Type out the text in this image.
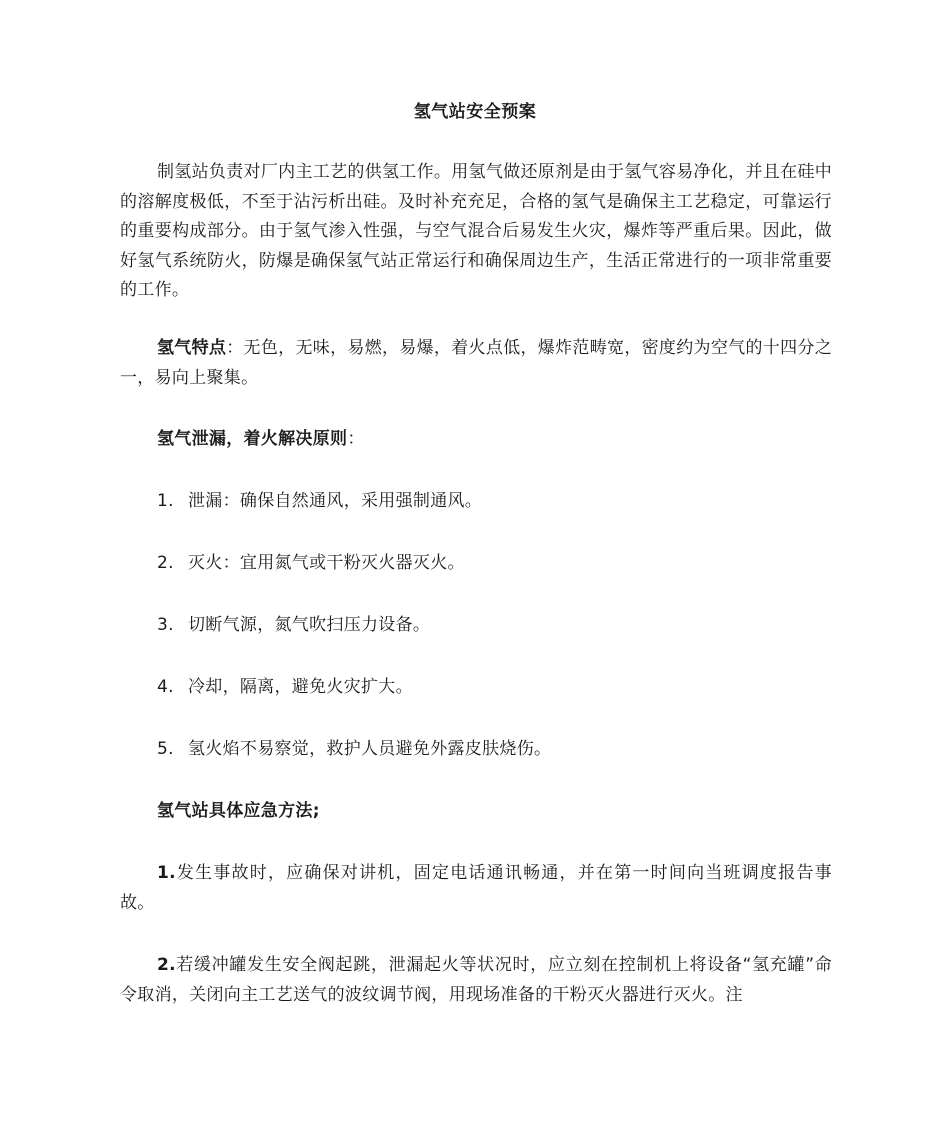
氢气站安全预案

制氢站负责对厂内主工艺的供氢工作。用氢气做还原剂是由于氢气容易净化，并且在硅中的溶解度极低，不至于沾污析出硅。及时补充充足，合格的氢气是确保主工艺稳定，可靠运行的重要构成部分。由于氢气渗入性强，与空气混合后易发生火灾，爆炸等严重后果。因此，做好氢气系统防火，防爆是确保氢气站正常运行和确保周边生产，生活正常进行的一项非常重要的工作。

氢气特点：无色，无味，易燃，易爆，着火点低，爆炸范畴宽，密度约为空气的十四分之一，易向上聚集。

氢气泄漏，着火解决原则：
1. 泄漏：确保自然通风，采用强制通风。
2. 灭火：宜用氮气或干粉灭火器灭火。
3. 切断气源，氮气吹扫压力设备。
4. 冷却，隔离，避免火灾扩大。
5. 氢火焰不易察觉，救护人员避免外露皮肤烧伤。
氢气站具体应急方法;

1.发生事故时，应确保对讲机，固定电话通讯畅通，并在第一时间向当班调度报告事故。

2.若缓冲罐发生安全阀起跳，泄漏起火等状况时，应立刻在控制机上将设备“氢充罐”命令取消，关闭向主工艺送气的波纹调节阀，用现场准备的干粉灭火器进行灭火。注
